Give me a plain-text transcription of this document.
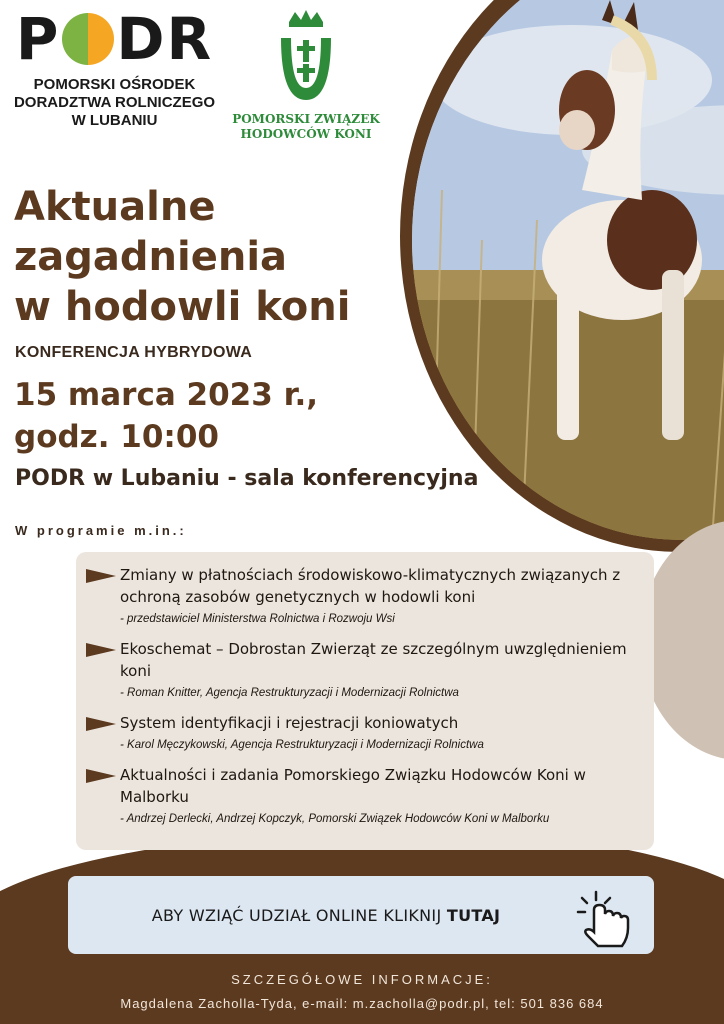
P DR
POMORSKI OŚRODEK
DORADZTWA ROLNICZEGO
W LUBANIU	POMORSKI ZWIĄZEK
HODOWCÓW KONI
Aktualne
zagadnienia
w hodowli koni
KONFERENCJA HYBRYDOWA
15 marca 2023 r.,
godz. 10:00
PODR w Lubaniu - sala konferencyjna
W programie m.in.:
Zmiany w płatnościach środowiskowo-klimatycznych związanych z ochroną zasobów genetycznych w hodowli koni
- przedstawiciel Ministerstwa Rolnictwa i Rozwoju Wsi
Ekoschemat – Dobrostan Zwierząt ze szczególnym uwzględnieniem koni
- Roman Knitter, Agencja Restrukturyzacji i Modernizacji Rolnictwa
System identyfikacji i rejestracji koniowatych
- Karol Męczykowski, Agencja Restrukturyzacji i Modernizacji Rolnictwa
Aktualności i zadania Pomorskiego Związku Hodowców Koni w Malborku
- Andrzej Derlecki, Andrzej Kopczyk, Pomorski Związek Hodowców Koni w Malborku
ABY WZIĄĆ UDZIAŁ ONLINE KLIKNIJ TUTAJ
SZCZEGÓŁOWE INFORMACJE:
Magdalena Zacholla-Tyda, e-mail: m.zacholla@podr.pl, tel: 501 836 684
